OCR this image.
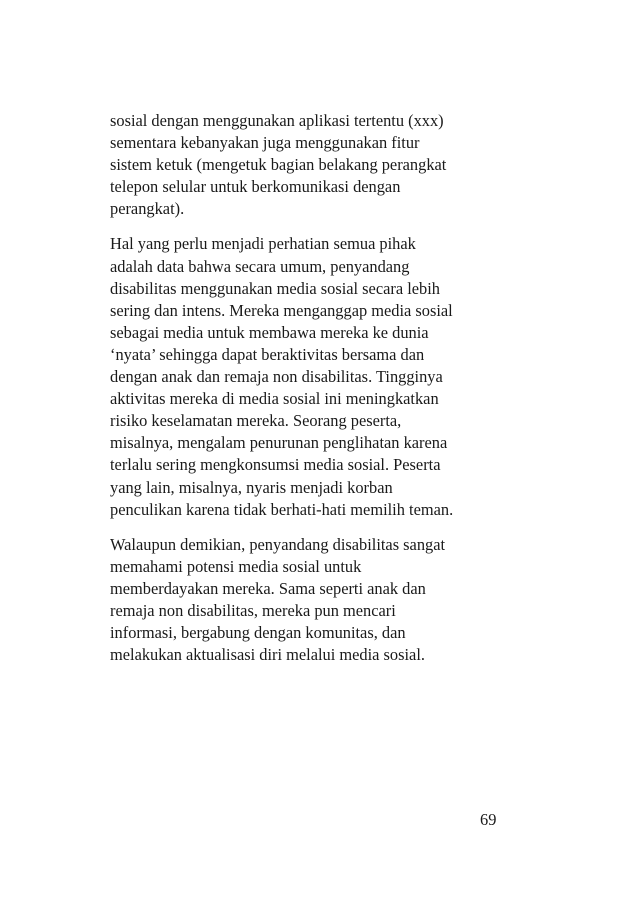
sosial dengan menggunakan aplikasi tertentu (xxx)
sementara kebanyakan juga menggunakan fitur
sistem ketuk (mengetuk bagian belakang perangkat
telepon selular untuk berkomunikasi dengan
perangkat).

Hal yang perlu menjadi perhatian semua pihak
adalah data bahwa secara umum, penyandang
disabilitas menggunakan media sosial secara lebih
sering dan intens. Mereka menganggap media sosial
sebagai media untuk membawa mereka ke dunia
‘nyata’ sehingga dapat beraktivitas bersama dan
dengan anak dan remaja non disabilitas. Tingginya
aktivitas mereka di media sosial ini meningkatkan
risiko keselamatan mereka. Seorang peserta,
misalnya, mengalam penurunan penglihatan karena
terlalu sering mengkonsumsi media sosial. Peserta
yang lain, misalnya, nyaris menjadi korban
penculikan karena tidak berhati-hati memilih teman.

Walaupun demikian, penyandang disabilitas sangat
memahami potensi media sosial untuk
memberdayakan mereka. Sama seperti anak dan
remaja non disabilitas, mereka pun mencari
informasi, bergabung dengan komunitas, dan
melakukan aktualisasi diri melalui media sosial.

69
